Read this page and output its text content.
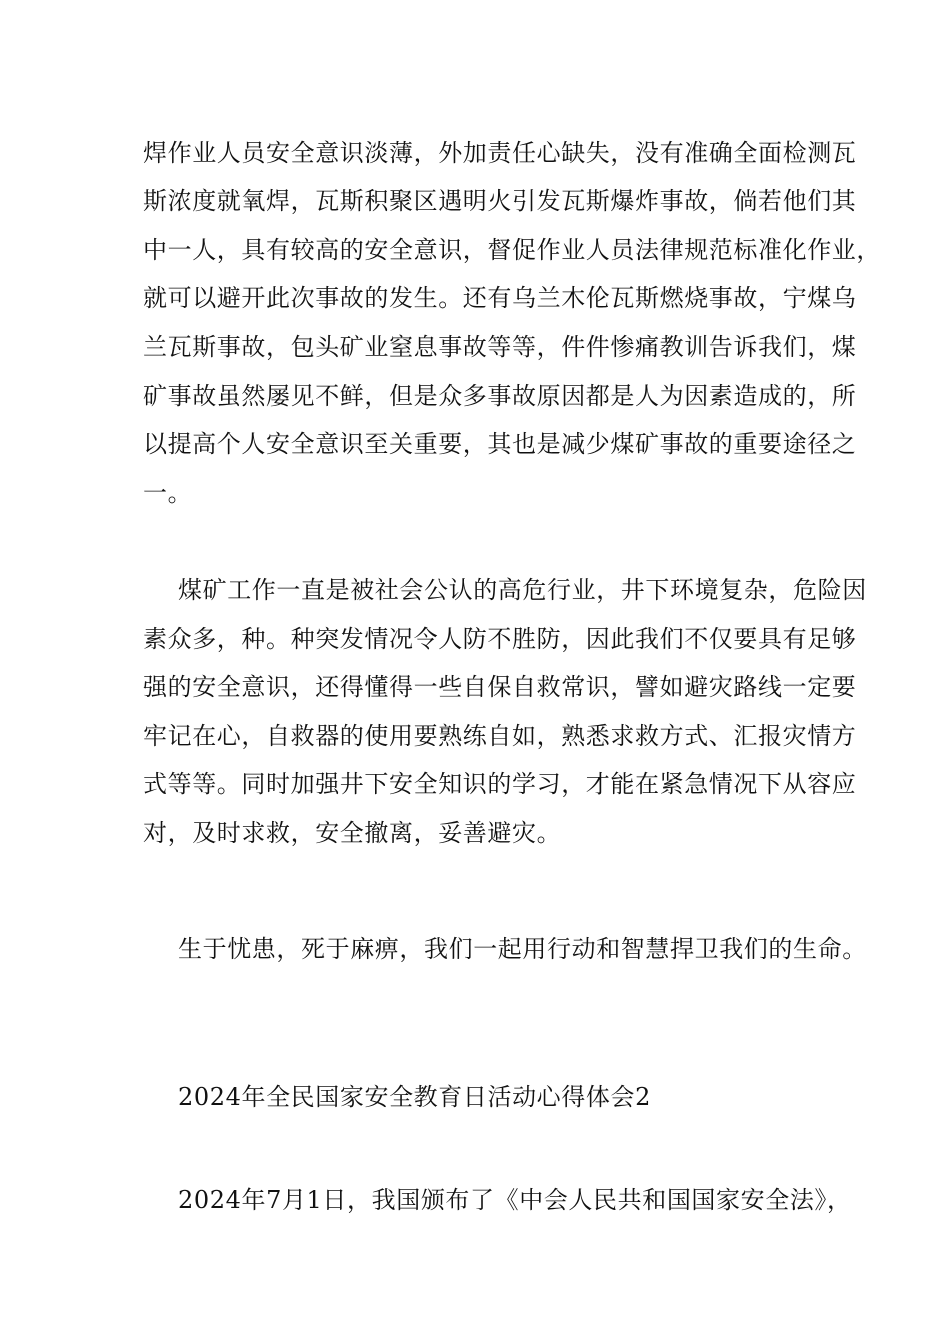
焊作业人员安全意识淡薄，外加责任心缺失，没有准确全面检测瓦
斯浓度就氧焊，瓦斯积聚区遇明火引发瓦斯爆炸事故，倘若他们其
中一人，具有较高的安全意识，督促作业人员法律规范标准化作业，
就可以避开此次事故的发生。还有乌兰木伦瓦斯燃烧事故，宁煤乌
兰瓦斯事故，包头矿业窒息事故等等，件件惨痛教训告诉我们，煤
矿事故虽然屡见不鲜，但是众多事故原因都是人为因素造成的，所
以提高个人安全意识至关重要，其也是减少煤矿事故的重要途径之
一。
煤矿工作一直是被社会公认的高危行业，井下环境复杂，危险因
素众多，种。种突发情况令人防不胜防，因此我们不仅要具有足够
强的安全意识，还得懂得一些自保自救常识，譬如避灾路线一定要
牢记在心，自救器的使用要熟练自如，熟悉求救方式、汇报灾情方
式等等。同时加强井下安全知识的学习，才能在紧急情况下从容应
对，及时求救，安全撤离，妥善避灾。
生于忧患，死于麻痹，我们一起用行动和智慧捍卫我们的生命。
2024年全民国家安全教育日活动心得体会2
2024年7月1日，我国颁布了《中会人民共和国国家安全法》，
